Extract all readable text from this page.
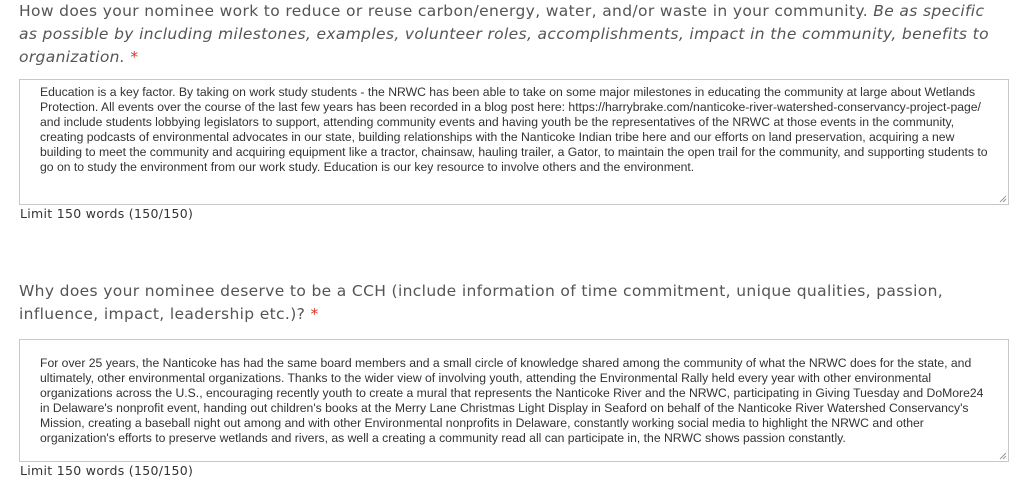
How does your nominee work to reduce or reuse carbon/energy, water, and/or waste in your community. Be as specific as possible by including milestones, examples, volunteer roles, accomplishments, impact in the community, benefits to organization. *
Education is a key factor. By taking on work study students - the NRWC has been able to take on some major milestones in educating the community at large about Wetlands Protection. All events over the course of the last few years has been recorded in a blog post here: https://harrybrake.com/nanticoke-river-watershed-conservancy-project-page/ and include students lobbying legislators to support, attending community events and having youth be the representatives of the NRWC at those events in the community, creating podcasts of environmental advocates in our state, building relationships with the Nanticoke Indian tribe here and our efforts on land preservation, acquiring a new building to meet the community and acquiring equipment like a tractor, chainsaw, hauling trailer, a Gator, to maintain the open trail for the community, and supporting students to go on to study the environment from our work study. Education is our key resource to involve others and the environment.
Limit 150 words (150/150)
Why does your nominee deserve to be a CCH (include information of time commitment, unique qualities, passion, influence, impact, leadership etc.)? *
For over 25 years, the Nanticoke has had the same board members and a small circle of knowledge shared among the community of what the NRWC does for the state, and ultimately, other environmental organizations. Thanks to the wider view of involving youth, attending the Environmental Rally held every year with other environmental organizations across the U.S., encouraging recently youth to create a mural that represents the Nanticoke River and the NRWC, participating in Giving Tuesday and DoMore24 in Delaware's nonprofit event, handing out children's books at the Merry Lane Christmas Light Display in Seaford on behalf of the Nanticoke River Watershed Conservancy's Mission, creating a baseball night out among and with other Environmental nonprofits in Delaware, constantly working social media to highlight the NRWC and other organization's efforts to preserve wetlands and rivers, as well a creating a community read all can participate in, the NRWC shows passion constantly.
Limit 150 words (150/150)
